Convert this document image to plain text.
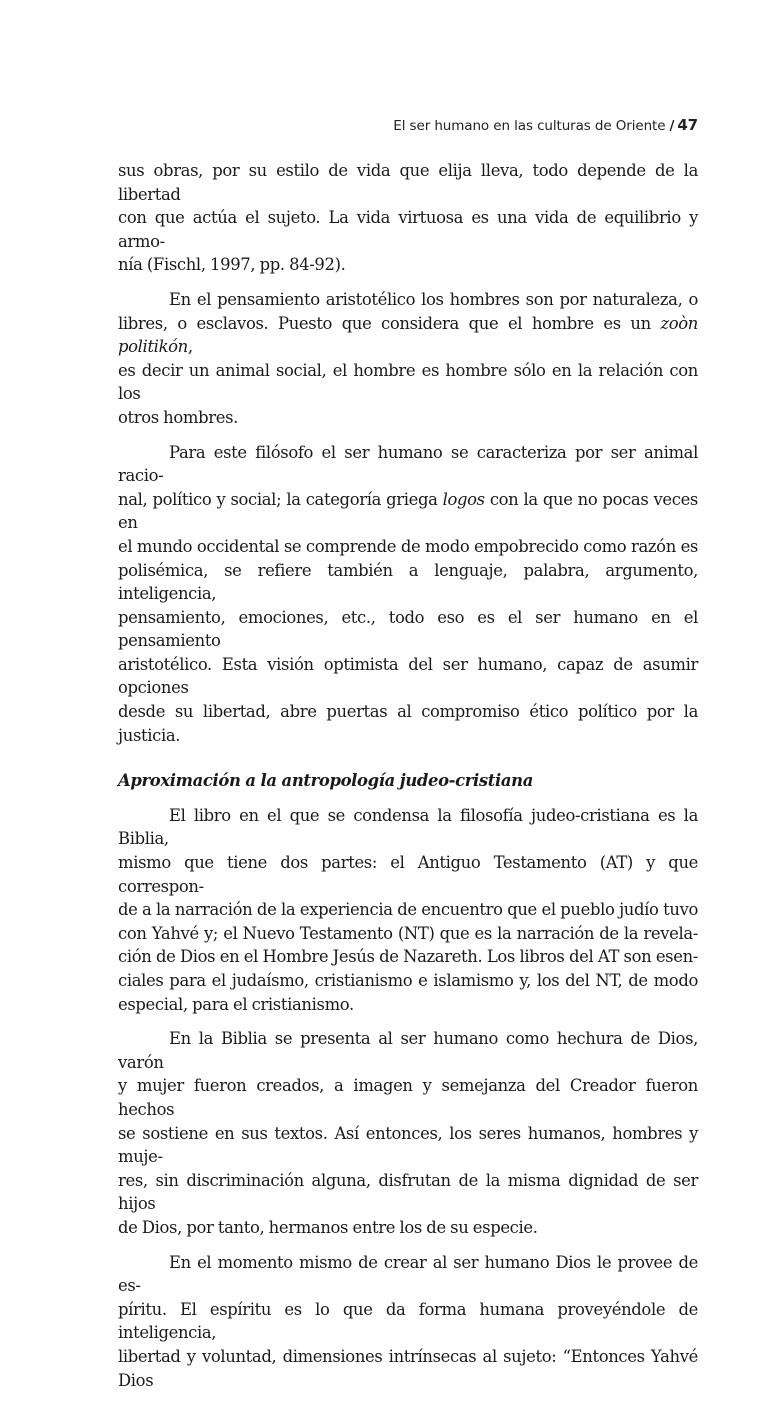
El ser humano en las culturas de Oriente / 47

sus obras, por su estilo de vida que elija lleva, todo depende de la libertad
con que actúa el sujeto. La vida virtuosa es una vida de equilibrio y armo-
nía (Fischl, 1997, pp. 84-92).

En el pensamiento aristotélico los hombres son por naturaleza, o
libres, o esclavos. Puesto que considera que el hombre es un zoòn politikón,
es decir un animal social, el hombre es hombre sólo en la relación con los
otros hombres.

Para este filósofo el ser humano se caracteriza por ser animal racio-
nal, político y social; la categoría griega logos con la que no pocas veces en
el mundo occidental se comprende de modo empobrecido como razón es
polisémica, se refiere también a lenguaje, palabra, argumento, inteligencia,
pensamiento, emociones, etc., todo eso es el ser humano en el pensamiento
aristotélico. Esta visión optimista del ser humano, capaz de asumir opciones
desde su libertad, abre puertas al compromiso ético político por la justicia.

Aproximación a la antropología judeo-cristiana

El libro en el que se condensa la filosofía judeo-cristiana es la Biblia,
mismo que tiene dos partes: el Antiguo Testamento (AT) y que correspon-
de a la narración de la experiencia de encuentro que el pueblo judío tuvo
con Yahvé y; el Nuevo Testamento (NT) que es la narración de la revela-
ción de Dios en el Hombre Jesús de Nazareth. Los libros del AT son esen-
ciales para el judaísmo, cristianismo e islamismo y, los del NT, de modo
especial, para el cristianismo.

En la Biblia se presenta al ser humano como hechura de Dios, varón
y mujer fueron creados, a imagen y semejanza del Creador fueron hechos
se sostiene en sus textos. Así entonces, los seres humanos, hombres y muje-
res, sin discriminación alguna, disfrutan de la misma dignidad de ser hijos
de Dios, por tanto, hermanos entre los de su especie.

En el momento mismo de crear al ser humano Dios le provee de es-
píritu. El espíritu es lo que da forma humana proveyéndole de inteligencia,
libertad y voluntad, dimensiones intrínsecas al sujeto: “Entonces Yahvé Dios
